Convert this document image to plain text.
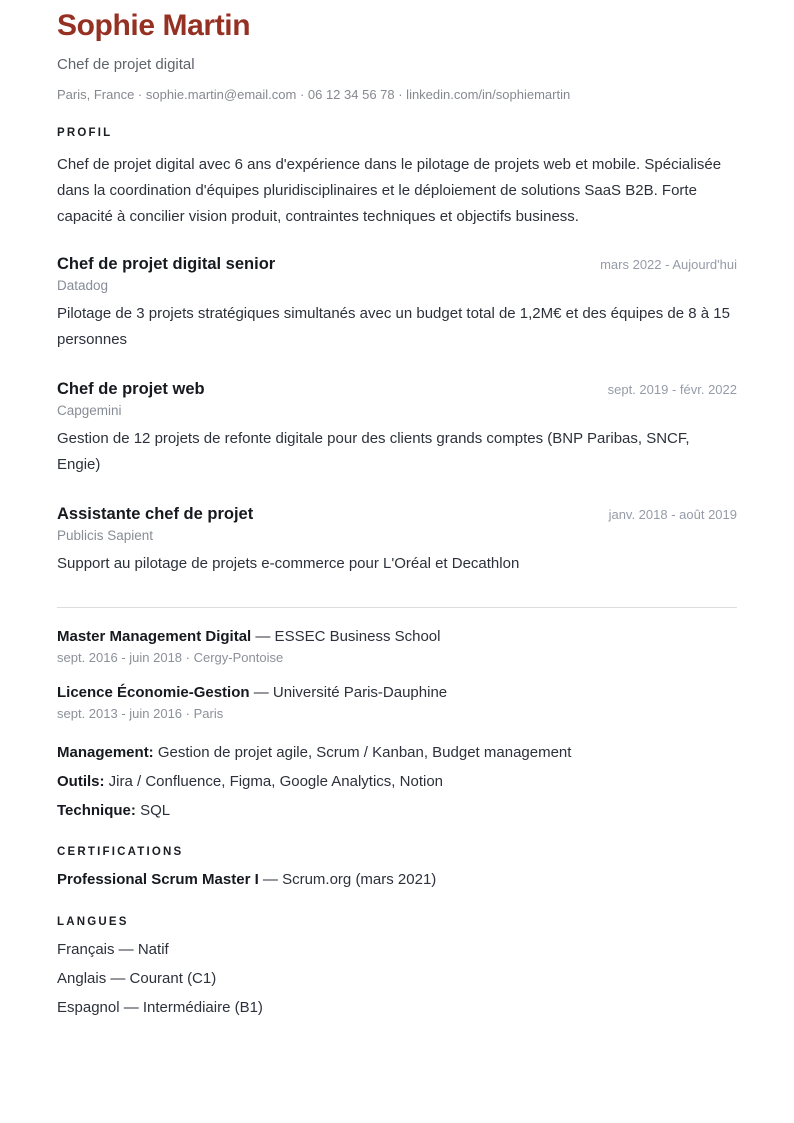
Sophie Martin
Chef de projet digital
Paris, France · sophie.martin@email.com · 06 12 34 56 78 · linkedin.com/in/sophiemartin
PROFIL

Chef de projet digital avec 6 ans d'expérience dans le pilotage de projets web et mobile. Spécialisée dans la coordination d'équipes pluridisciplinaires et le déploiement de solutions SaaS B2B. Forte capacité à concilier vision produit, contraintes techniques et objectifs business.

Chef de projet digital senior	mars 2022 - Aujourd'hui
Datadog

Pilotage de 3 projets stratégiques simultanés avec un budget total de 1,2M€ et des équipes de 8 à 15 personnes

Chef de projet web	sept. 2019 - févr. 2022
Capgemini

Gestion de 12 projets de refonte digitale pour des clients grands comptes (BNP Paribas, SNCF, Engie)

Assistante chef de projet	janv. 2018 - août 2019
Publicis Sapient

Support au pilotage de projets e-commerce pour L'Oréal et Decathlon

Master Management Digital — ESSEC Business School
sept. 2016 - juin 2018 · Cergy-Pontoise
Licence Économie-Gestion — Université Paris-Dauphine
sept. 2013 - juin 2016 · Paris
Management: Gestion de projet agile, Scrum / Kanban, Budget management
Outils: Jira / Confluence, Figma, Google Analytics, Notion
Technique: SQL
CERTIFICATIONS
Professional Scrum Master I — Scrum.org (mars 2021)
LANGUES
Français — Natif
Anglais — Courant (C1)
Espagnol — Intermédiaire (B1)
